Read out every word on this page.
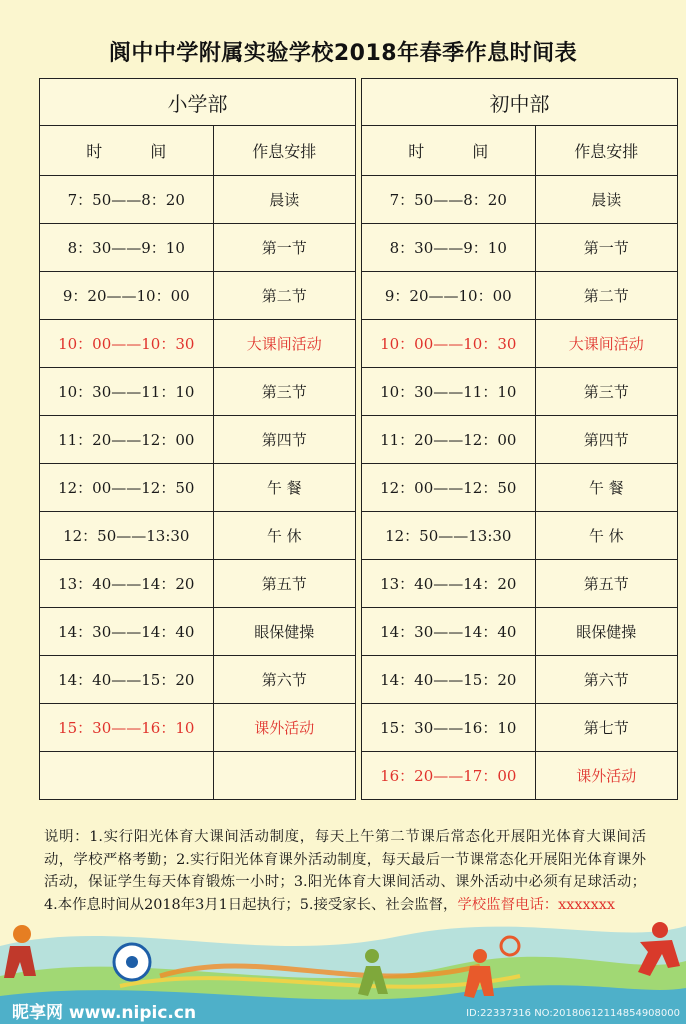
阆中中学附属实验学校2018年春季作息时间表
小学部	
时　　　间	作息安排
7：50——8：20	晨读
8：30——9：10	第一节
9：20——10：00	第二节
10：00——10：30	大课间活动
10：30——11：10	第三节
11：20——12：00	第四节
12：00——12：50	午 餐
12：50——13:30	午 休
13：40——14：20	第五节
14：30——14：40	眼保健操
14：40——15：20	第六节
15：30——16：10	课外活动

初中部	
时　　　间	作息安排
7：50——8：20	晨读
8：30——9：10	第一节
9：20——10：00	第二节
10：00——10：30	大课间活动
10：30——11：10	第三节
11：20——12：00	第四节
12：00——12：50	午 餐
12：50——13:30	午 休
13：40——14：20	第五节
14：30——14：40	眼保健操
14：40——15：20	第六节
15：30——16：10	第七节
16：20——17：00	课外活动
说明：1.实行阳光体育大课间活动制度，每天上午第二节课后常态化开展阳光体育大课间活动，学校严格考勤；2.实行阳光体育课外活动制度，每天最后一节课常态化开展阳光体育课外活动，保证学生每天体育锻炼一小时；3.阳光体育大课间活动、课外活动中必须有足球活动；4.本作息时间从2018年3月1日起执行；5.接受家长、社会监督，学校监督电话：xxxxxxx
昵享网 www.nipic.cn	ID:22337316 NO:20180612114854908000
